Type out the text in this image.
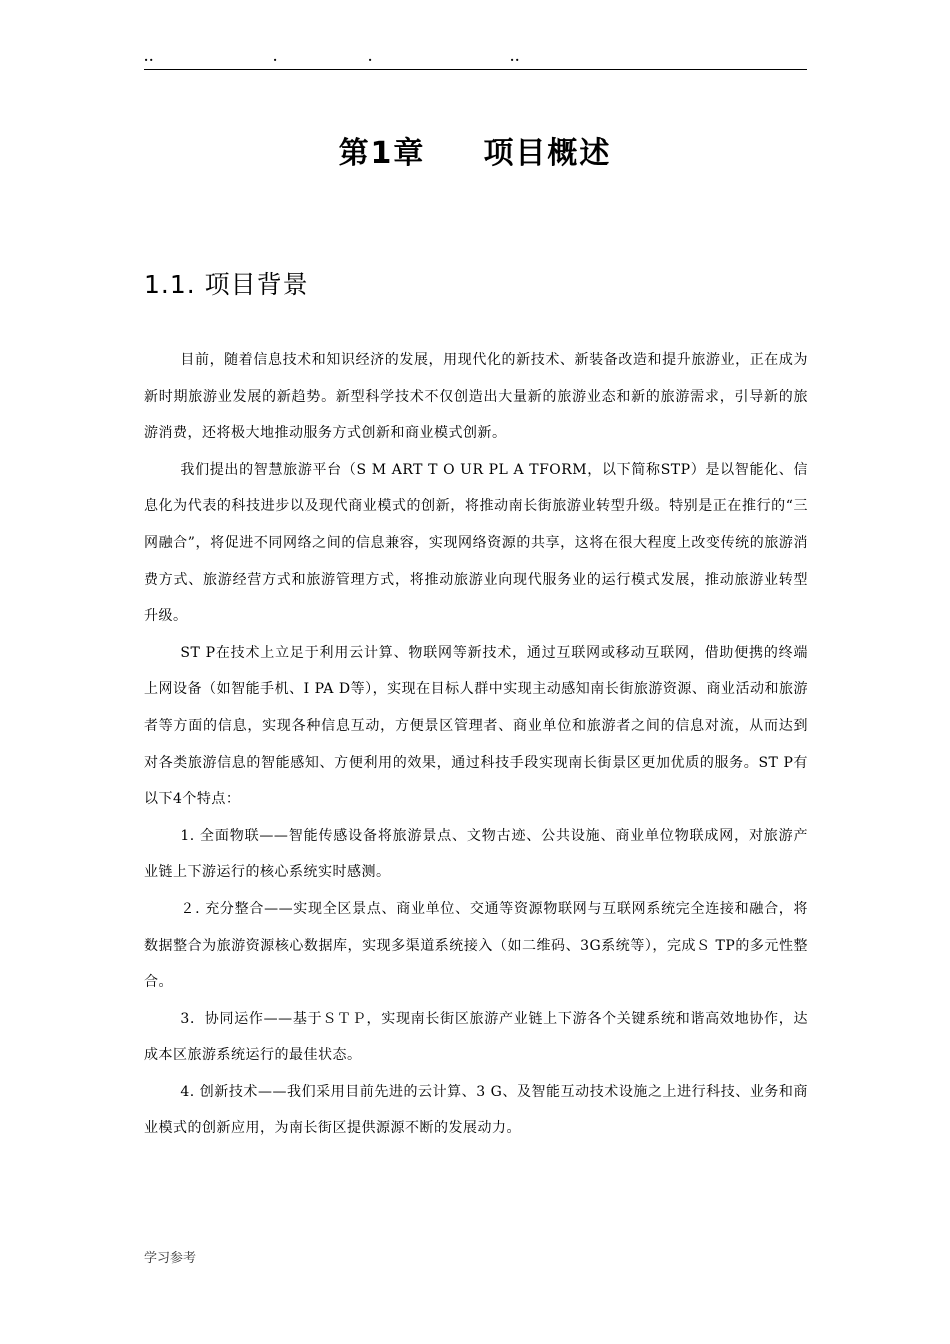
..	.	.	..
第1章 项目概述
1.1. 项目背景

目前，随着信息技术和知识经济的发展，用现代化的新技术、新装备改造和提升旅游业，正在成为新时期旅游业发展的新趋势。新型科学技术不仅创造出大量新的旅游业态和新的旅游需求，引导新的旅游消费，还将极大地推动服务方式创新和商业模式创新。

我们提出的智慧旅游平台（S M ART T O UR PL A TFORM，以下简称STP）是以智能化、信息化为代表的科技进步以及现代商业模式的创新，将推动南长街旅游业转型升级。特别是正在推行的“三网融合”，将促进不同网络之间的信息兼容，实现网络资源的共享，这将在很大程度上改变传统的旅游消费方式、旅游经营方式和旅游管理方式，将推动旅游业向现代服务业的运行模式发展，推动旅游业转型升级。

ST P在技术上立足于利用云计算、物联网等新技术，通过互联网或移动互联网，借助便携的终端上网设备（如智能手机、I PA D等），实现在目标人群中实现主动感知南长街旅游资源、商业活动和旅游者等方面的信息，实现各种信息互动，方便景区管理者、商业单位和旅游者之间的信息对流，从而达到对各类旅游信息的智能感知、方便利用的效果，通过科技手段实现南长街景区更加优质的服务。ST P有以下4个特点：

1. 全面物联——智能传感设备将旅游景点、文物古迹、公共设施、商业单位物联成网，对旅游产业链上下游运行的核心系统实时感测。

２. 充分整合——实现全区景点、商业单位、交通等资源物联网与互联网系统完全连接和融合，将数据整合为旅游资源核心数据库，实现多渠道系统接入（如二维码、3G系统等），完成Ｓ TP的多元性整合。

3．协同运作——基于ＳＴＰ，实现南长街区旅游产业链上下游各个关键系统和谐高效地协作，达成本区旅游系统运行的最佳状态。

4. 创新技术——我们采用目前先进的云计算、3 G、及智能互动技术设施之上进行科技、业务和商业模式的创新应用，为南长街区提供源源不断的发展动力。

学习参考
